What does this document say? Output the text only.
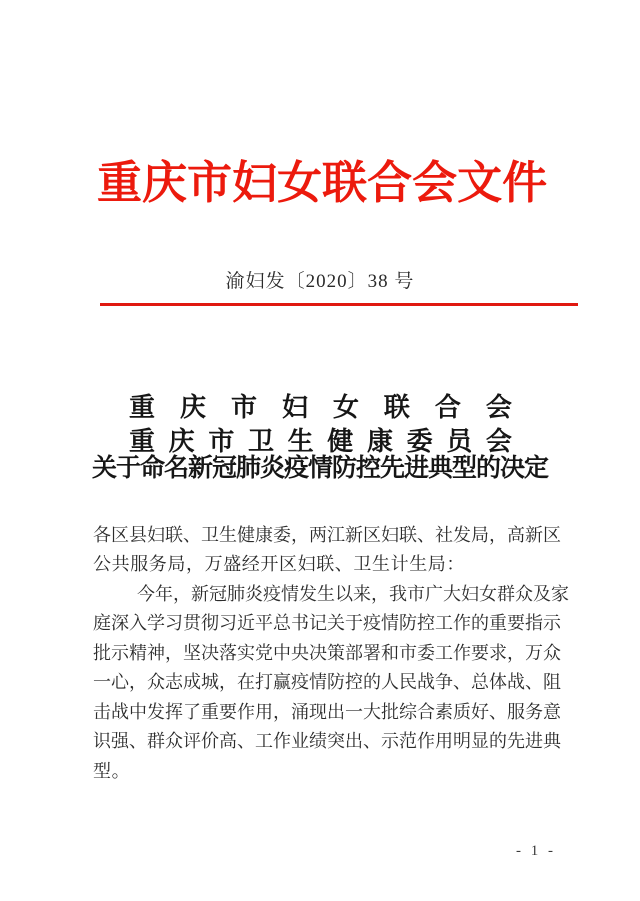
重 庆 市 妇 女 联 合 会 文 件
渝妇发〔2020〕38 号
重 庆 市 妇 女 联 合 会
重 庆 市 卫 生 健 康 委 员 会
关于命名新冠肺炎疫情防控先进典型的决定
各 区 县 妇 联 、 卫 生 健 康 委 ， 两 江 新 区 妇 联 、 社 发 局 ， 高 新 区
公共服务局，万盛经开区妇联、卫生计生局：
今 年 ， 新 冠 肺 炎 疫 情 发 生 以 来 ， 我 市 广 大 妇 女 群 众 及 家
庭 深 入 学 习 贯 彻 习 近 平 总 书 记 关 于 疫 情 防 控 工 作 的 重 要 指 示
批 示 精 神 ， 坚 决 落 实 党 中 央 决 策 部 署 和 市 委 工 作 要 求 ， 万 众
一 心 ， 众 志 成 城 ， 在 打 赢 疫 情 防 控 的 人 民 战 争 、 总 体 战 、 阻
击 战 中 发 挥 了 重 要 作 用 ， 涌 现 出 一 大 批 综 合 素 质 好 、 服 务 意
识 强 、 群 众 评 价 高 、 工 作 业 绩 突 出 、 示 范 作 用 明 显 的 先 进 典
型。
- 1 -
